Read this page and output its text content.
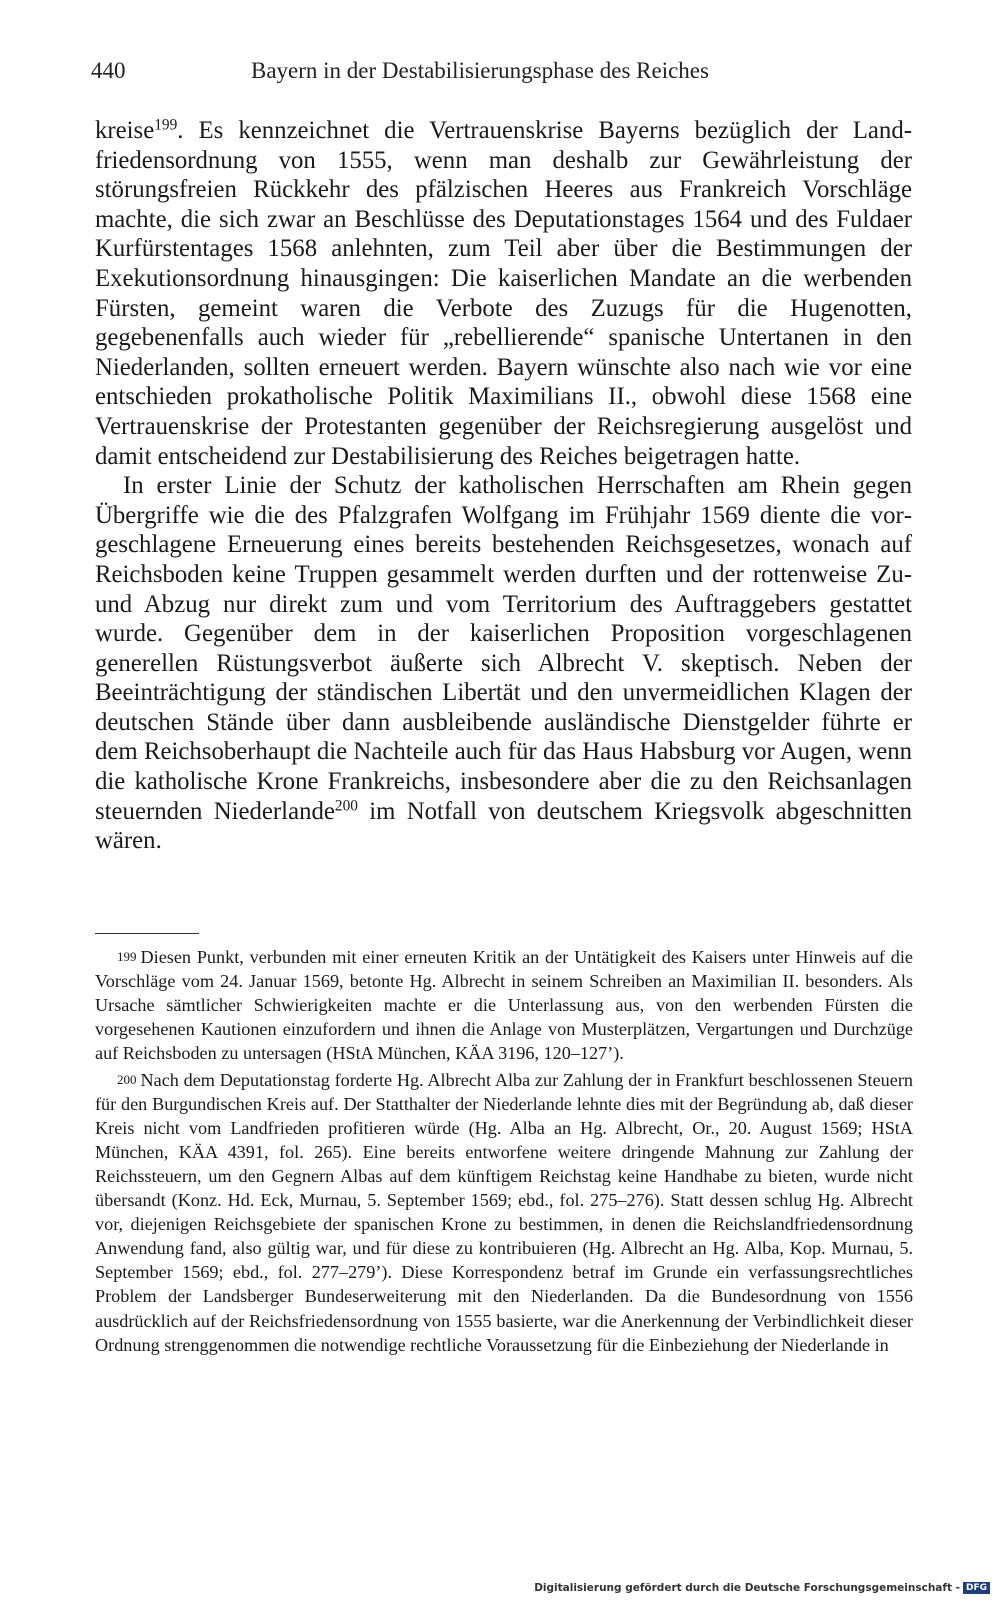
440	Bayern in der Destabilisierungsphase des Reiches

kreise$^{199}$. Es kennzeichnet die Vertrauenskrise Bayerns bezüglich der Landfriedensordnung von 1555, wenn man deshalb zur Gewährleistung der störungsfreien Rückkehr des pfälzischen Heeres aus Frankreich Vorschläge machte, die sich zwar an Beschlüsse des Deputationstages 1564 und des Fuldaer Kurfürstentages 1568 anlehnten, zum Teil aber über die Bestimmungen der Exekutionsordnung hinausgingen: Die kaiserlichen Mandate an die werbenden Fürsten, gemeint waren die Verbote des Zuzugs für die Hugenotten, gegebenenfalls auch wieder für „rebellierende“ spanische Untertanen in den Niederlanden, sollten erneuert werden. Bayern wünschte also nach wie vor eine entschieden prokatholische Politik Maximilians II., obwohl diese 1568 eine Vertrauenskrise der Protestanten gegenüber der Reichsregierung ausgelöst und damit entscheidend zur Destabilisierung des Reiches beigetragen hatte.

In erster Linie der Schutz der katholischen Herrschaften am Rhein gegen Übergriffe wie die des Pfalzgrafen Wolfgang im Frühjahr 1569 diente die vorgeschlagene Erneuerung eines bereits bestehenden Reichsgesetzes, wonach auf Reichsboden keine Truppen gesammelt werden durften und der rottenweise Zu- und Abzug nur direkt zum und vom Territorium des Auftraggebers gestattet wurde. Gegenüber dem in der kaiserlichen Proposition vorgeschlagenen generellen Rüstungsverbot äußerte sich Albrecht V. skeptisch. Neben der Beeinträchtigung der ständischen Libertät und den unvermeidlichen Klagen der deutschen Stände über dann ausbleibende ausländische Dienstgelder führte er dem Reichsoberhaupt die Nachteile auch für das Haus Habsburg vor Augen, wenn die katholische Krone Frankreichs, insbesondere aber die zu den Reichsanlagen steuernden Niederlande$^{200}$ im Notfall von deutschem Kriegsvolk abgeschnitten wären.

199 Diesen Punkt, verbunden mit einer erneuten Kritik an der Untätigkeit des Kaisers unter Hinweis auf die Vorschläge vom 24. Januar 1569, betonte Hg. Albrecht in seinem Schreiben an Maximilian II. besonders. Als Ursache sämtlicher Schwierigkeiten machte er die Unterlassung aus, von den werbenden Fürsten die vorgesehenen Kautionen einzufordern und ihnen die Anlage von Musterplätzen, Vergartungen und Durchzüge auf Reichsboden zu untersagen (HStA München, KÄA 3196, 120–127’).

200 Nach dem Deputationstag forderte Hg. Albrecht Alba zur Zahlung der in Frankfurt beschlossenen Steuern für den Burgundischen Kreis auf. Der Statthalter der Niederlande lehnte dies mit der Begründung ab, daß dieser Kreis nicht vom Landfrieden profitieren würde (Hg. Alba an Hg. Albrecht, Or., 20. August 1569; HStA München, KÄA 4391, fol. 265). Eine bereits entworfene weitere dringende Mahnung zur Zahlung der Reichssteuern, um den Gegnern Albas auf dem künftigem Reichstag keine Handhabe zu bieten, wurde nicht übersandt (Konz. Hd. Eck, Murnau, 5. September 1569; ebd., fol. 275–276). Statt dessen schlug Hg. Albrecht vor, diejenigen Reichsgebiete der spanischen Krone zu bestimmen, in denen die Reichslandfriedensordnung Anwendung fand, also gültig war, und für diese zu kontribuieren (Hg. Albrecht an Hg. Alba, Kop. Murnau, 5. September 1569; ebd., fol. 277–279’). Diese Korrespondenz betraf im Grunde ein verfassungsrechtliches Problem der Landsberger Bundeserweiterung mit den Niederlanden. Da die Bundesordnung von 1556 ausdrücklich auf der Reichsfriedensordnung von 1555 basierte, war die Anerkennung der Verbindlichkeit dieser Ordnung strenggenommen die notwendige rechtliche Voraussetzung für die Einbeziehung der Niederlande in

Digitalisierung gefördert durch die Deutsche Forschungsgemeinschaft - DFG
